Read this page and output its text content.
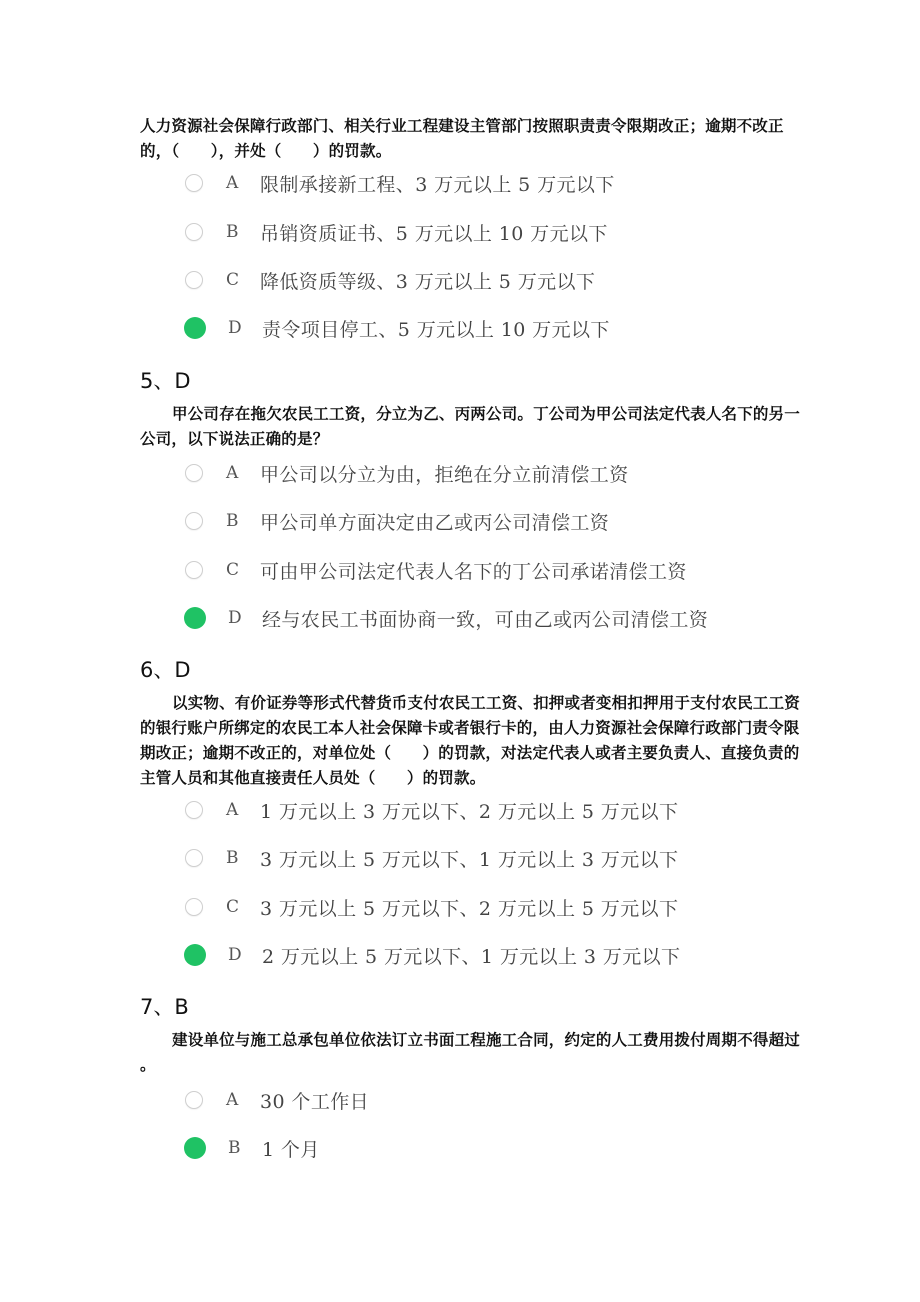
人力资源社会保障行政部门、相关行业工程建设主管部门按照职责责令限期改正；逾期不改正的，（　　），并处（　　）的罚款。

A	限制承接新工程、3 万元以上 5 万元以下
B	吊销资质证书、5 万元以上 10 万元以下
C	降低资质等级、3 万元以上 5 万元以下
D	责令项目停工、5 万元以上 10 万元以下

5、D

甲公司存在拖欠农民工工资，分立为乙、丙两公司。丁公司为甲公司法定代表人名下的另一公司，以下说法正确的是？

A	甲公司以分立为由，拒绝在分立前清偿工资
B	甲公司单方面决定由乙或丙公司清偿工资
C	可由甲公司法定代表人名下的丁公司承诺清偿工资
D	经与农民工书面协商一致，可由乙或丙公司清偿工资

6、D

以实物、有价证券等形式代替货币支付农民工工资、扣押或者变相扣押用于支付农民工工资的银行账户所绑定的农民工本人社会保障卡或者银行卡的，由人力资源社会保障行政部门责令限期改正；逾期不改正的，对单位处（　　）的罚款，对法定代表人或者主要负责人、直接负责的主管人员和其他直接责任人员处（　　）的罚款。

A	1 万元以上 3 万元以下、2 万元以上 5 万元以下
B	3 万元以上 5 万元以下、1 万元以上 3 万元以下
C	3 万元以上 5 万元以下、2 万元以上 5 万元以下
D	2 万元以上 5 万元以下、1 万元以上 3 万元以下

7、B

建设单位与施工总承包单位依法订立书面工程施工合同，约定的人工费用拨付周期不得超过 。

A	30 个工作日
B	1 个月
